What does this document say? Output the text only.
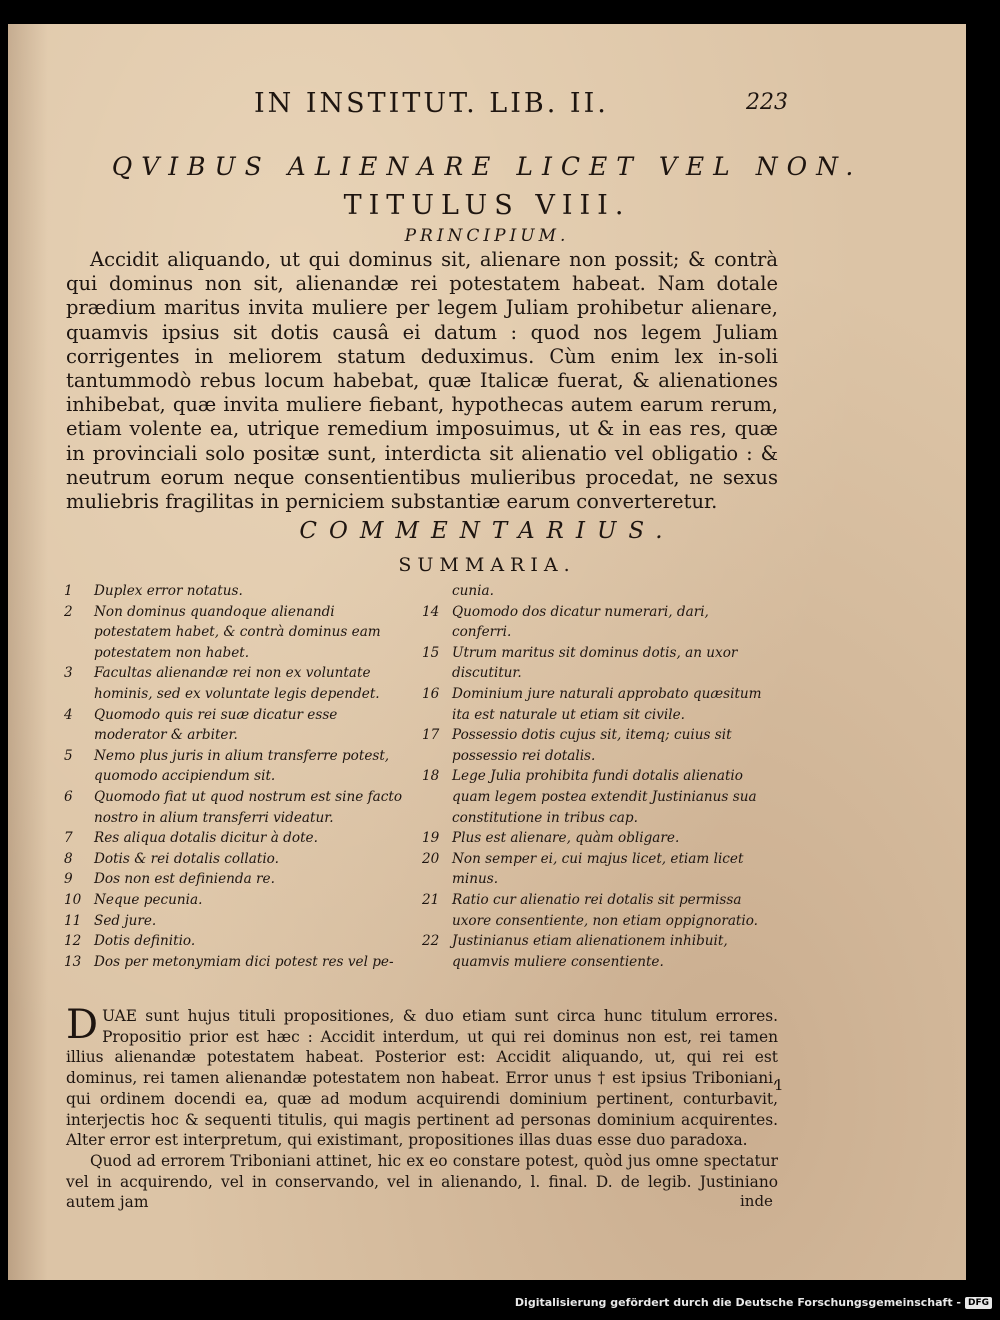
IN INSTITUT. LIB. II.	223
QVIBUS ALIENARE LICET VEL NON.
TITULUS VIII.
PRINCIPIUM.
Accidit aliquando, ut qui dominus sit, alienare non possit; & contrà qui dominus non sit, alienandæ rei potestatem habeat. Nam dotale prædium maritus invita muliere per legem Juliam prohibetur alienare, quamvis ipsius sit dotis causâ ei datum : quod nos legem Juliam corrigentes in meliorem statum deduximus. Cùm enim lex in-soli tantummodò rebus locum habebat, quæ Italicæ fuerat, & alienationes inhibebat, quæ invita muliere fiebant, hypothecas autem earum rerum, etiam volente ea, utrique remedium imposuimus, ut & in eas res, quæ in provinciali solo positæ sunt, interdicta sit alienatio vel obligatio : & neutrum eorum neque consentientibus mulieribus procedat, ne sexus muliebris fragilitas in perniciem substantiæ earum converteretur.
COMMENTARIUS.
SUMMARIA.
1	Duplex error notatus.
2	Non dominus quandoque alienandi potestatem habet, & contrà dominus eam potestatem non habet.
3	Facultas alienandæ rei non ex voluntate hominis, sed ex voluntate legis dependet.
4	Quomodo quis rei suæ dicatur esse moderator & arbiter.
5	Nemo plus juris in alium transferre potest, quomodo accipiendum sit.
6	Quomodo fiat ut quod nostrum est sine facto nostro in alium transferri videatur.
7	Res aliqua dotalis dicitur à dote.
8	Dotis & rei dotalis collatio.
9	Dos non est definienda re.
10 Neque pecunia.
11 Sed jure.
12 Dotis definitio.
13 Dos per metonymiam dici potest res vel pe-
cunia.
14 Quomodo dos dicatur numerari, dari, conferri.
15 Utrum maritus sit dominus dotis, an uxor discutitur.
16 Dominium jure naturali approbato quæsitum ita est naturale ut etiam sit civile.
17 Possessio dotis cujus sit, itemq; cuius sit possessio rei dotalis.
18 Lege Julia prohibita fundi dotalis alienatio quam legem postea extendit Justinianus sua constitutione in tribus cap.
19 Plus est alienare, quàm obligare.
20 Non semper ei, cui majus licet, etiam licet minus.
21 Ratio cur alienatio rei dotalis sit permissa uxore consentiente, non etiam oppignoratio.
22 Justinianus etiam alienationem inhibuit, quamvis muliere consentiente.

D UAE sunt hujus tituli propositiones, & duo etiam sunt circa hunc titulum errores. Propositio prior est hæc : Accidit interdum, ut qui rei dominus non est, rei tamen illius alienandæ potestatem habeat. Posterior est: Accidit aliquando, ut, qui rei est dominus, rei tamen alienandæ potestatem non habeat. Error unus † est ipsius Triboniani, qui ordinem docendi ea, quæ ad modum acquirendi dominium pertinent, conturbavit, interjectis hoc & sequenti titulis, qui magis pertinent ad personas dominium acquirentes. Alter error est interpretum, qui existimant, propositiones illas duas esse duo paradoxa.

Quod ad errorem Triboniani attinet, hic ex eo constare potest, quòd jus omne spectatur vel in acquirendo, vel in conservando, vel in alienando, l. final. D. de legib. Justiniano autem jam

1
inde
Digitalisierung gefördert durch die Deutsche Forschungsgemeinschaft - DFG
